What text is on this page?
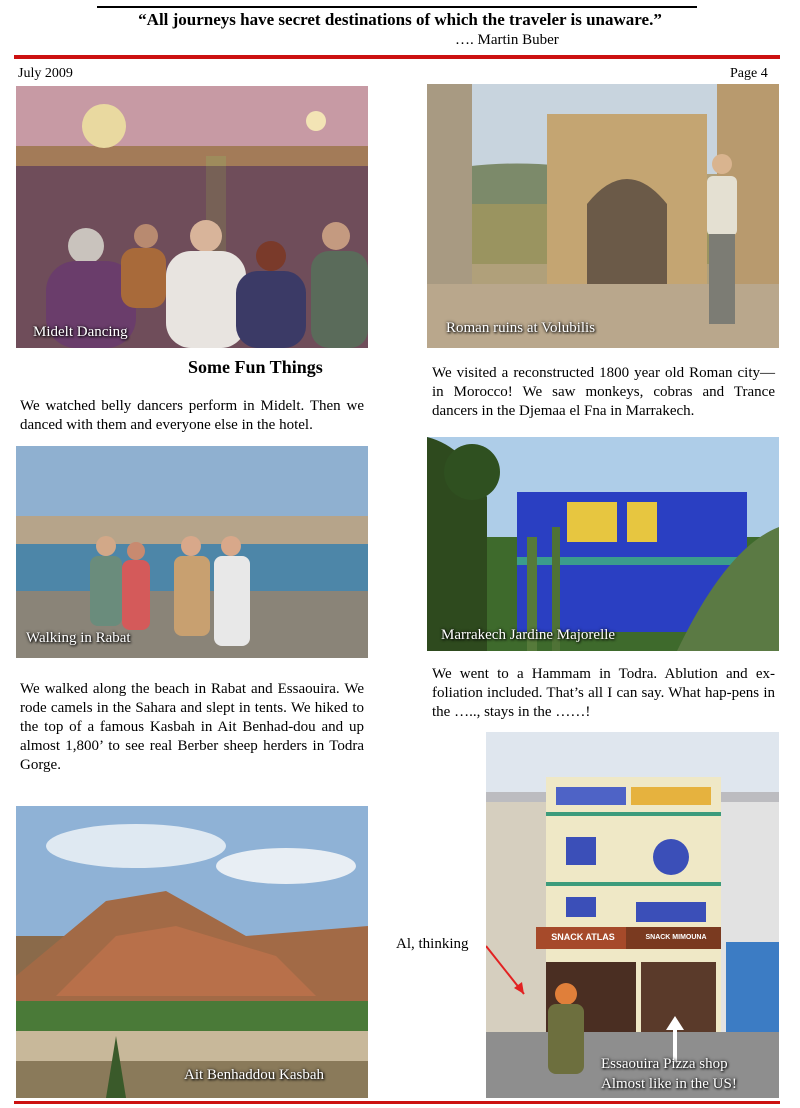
“All journeys have secret destinations of which the traveler is unaware.”
…. Martin Buber
July 2009	Page 4
Midelt Dancing	Roman ruins at Volubilis
Some Fun Things
We watched belly dancers perform in Midelt. Then we danced with them and everyone else in the hotel.
We visited a reconstructed 1800 year old Roman city—in Morocco! We saw monkeys, cobras and Trance dancers in the Djemaa el Fna in Marrakech.
Walking in Rabat	Marrakech Jardine Majorelle
We went to a Hammam in Todra. Ablution and ex-foliation included. That’s all I can say. What hap-pens in the ….., stays in the ……!
We walked along the beach in Rabat and Essaouira. We rode camels in the Sahara and slept in tents. We hiked to the top of a famous Kasbah in Ait Benhad-dou and up almost 1,800’ to see real Berber sheep herders in Todra Gorge.
SNACK ATLAS	SNACK MIMOUNA
Essaouira Pizza shop
Almost like in the US!
Al, thinking
Ait Benhaddou Kasbah
